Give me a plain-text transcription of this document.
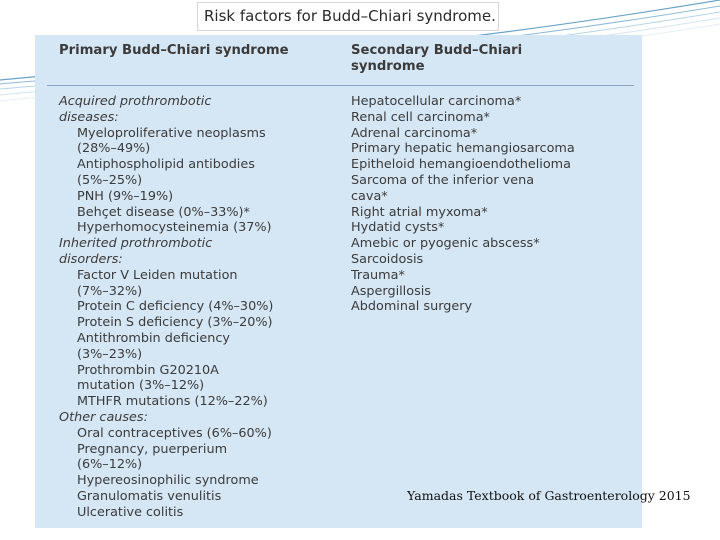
Risk factors for Budd–Chiari syndrome.
Primary Budd–Chiari syndrome	Secondary Budd–Chiari
syndrome
Acquired prothrombotic
diseases:
Myeloproliferative neoplasms
(28%–49%)
Antiphospholipid antibodies
(5%–25%)
PNH (9%–19%)
Behçet disease (0%–33%)*
Hyperhomocysteinemia (37%)
Inherited prothrombotic
disorders:
Factor V Leiden mutation
(7%–32%)
Protein C deficiency (4%–30%)
Protein S deficiency (3%–20%)
Antithrombin deficiency
(3%–23%)
Prothrombin G20210A
mutation (3%–12%)
MTHFR mutations (12%–22%)
Other causes:
Oral contraceptives (6%–60%)
Pregnancy, puerperium
(6%–12%)
Hypereosinophilic syndrome
Granulomatis venulitis
Ulcerative colitis
Hepatocellular carcinoma*
Renal cell carcinoma*
Adrenal carcinoma*
Primary hepatic hemangiosarcoma
Epitheloid hemangioendothelioma
Sarcoma of the inferior vena
cava*
Right atrial myxoma*
Hydatid cysts*
Amebic or pyogenic abscess*
Sarcoidosis
Trauma*
Aspergillosis
Abdominal surgery
Yamadas Textbook of Gastroenterology 2015
